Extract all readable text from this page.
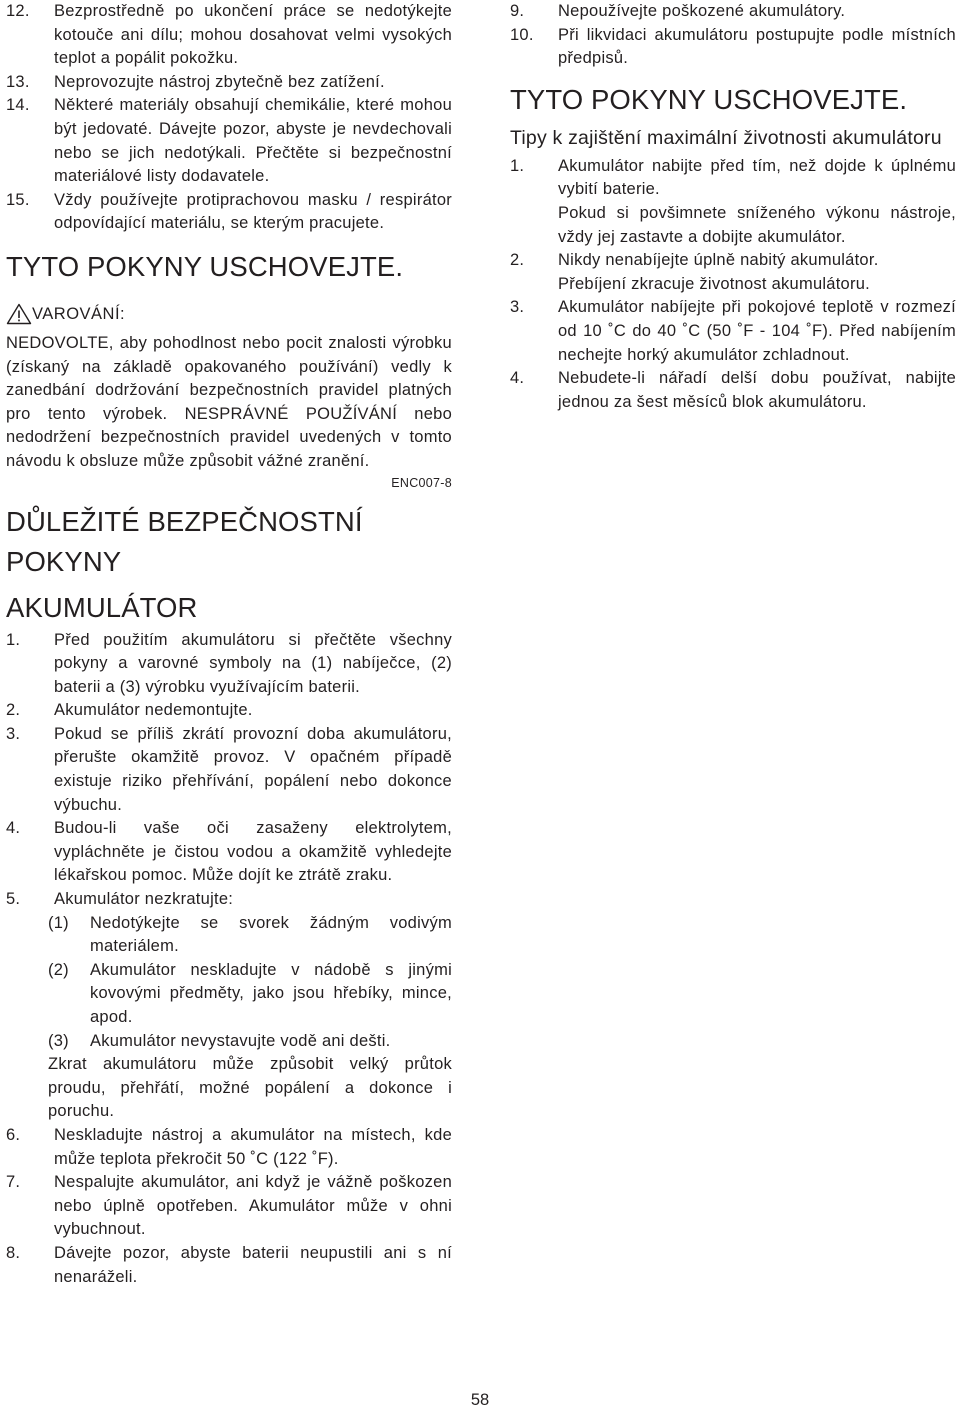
12.	Bezprostředně po ukončení práce se nedotýkejte kotouče ani dílu; mohou dosahovat velmi vysokých teplot a popálit pokožku.
13.	Neprovozujte nástroj zbytečně bez zatížení.
14.	Některé materiály obsahují chemikálie, které mohou být jedovaté. Dávejte pozor, abyste je nevdechovali nebo se jich nedotýkali. Přečtěte si bezpečnostní materiálové listy dodavatele.
15.	Vždy používejte protiprachovou masku / respirátor odpovídající materiálu, se kterým pracujete.
TYTO POKYNY USCHOVEJTE.
VAROVÁNÍ:
NEDOVOLTE, aby pohodlnost nebo pocit znalosti výrobku (získaný na základě opakovaného používání) vedly k zanedbání dodržování bezpečnostních pravidel platných pro tento výrobek. NESPRÁVNÉ POUŽÍVÁNÍ nebo nedodržení bezpečnostních pravidel uvedených v tomto návodu k obsluze může způsobit vážné zranění.
ENC007-8
DŮLEŽITÉ BEZPEČNOSTNÍ
POKYNY
AKUMULÁTOR
1.	Před použitím akumulátoru si přečtěte všechny pokyny a varovné symboly na (1) nabíječce, (2) baterii a (3) výrobku využívajícím baterii.
2.	Akumulátor nedemontujte.
3.	Pokud se příliš zkrátí provozní doba akumulátoru, přerušte okamžitě provoz. V opačném případě existuje riziko přehřívání, popálení nebo dokonce výbuchu.
4.	Budou-li vaše oči zasaženy elektrolytem, vypláchněte je čistou vodou a okamžitě vyhledejte lékařskou pomoc. Může dojít ke ztrátě zraku.
5.	Akumulátor nezkratujte:
(1)	Nedotýkejte se svorek žádným vodivým materiálem.
(2)	Akumulátor neskladujte v nádobě s jinými kovovými předměty, jako jsou hřebíky, mince, apod.
(3)	Akumulátor nevystavujte vodě ani dešti.
Zkrat akumulátoru může způsobit velký průtok proudu, přehřátí, možné popálení a dokonce i poruchu.
6.	Neskladujte nástroj a akumulátor na místech, kde může teplota překročit 50 ˚C (122 ˚F).
7.	Nespalujte akumulátor, ani když je vážně poškozen nebo úplně opotřeben. Akumulátor může v ohni vybuchnout.
8.	Dávejte pozor, abyste baterii neupustili ani s ní nenaráželi.
9.	Nepoužívejte poškozené akumulátory.
10.	Při likvidaci akumulátoru postupujte podle místních předpisů.
TYTO POKYNY USCHOVEJTE.
Tipy k zajištění maximální životnosti akumulátoru
1.	Akumulátor nabijte před tím, než dojde k úplnému vybití baterie.
Pokud si povšimnete sníženého výkonu nástroje, vždy jej zastavte a dobijte akumulátor.
2.	Nikdy nenabíjejte úplně nabitý akumulátor.
Přebíjení zkracuje životnost akumulátoru.
3.	Akumulátor nabíjejte při pokojové teplotě v rozmezí od 10 ˚C do 40 ˚C (50 ˚F - 104 ˚F). Před nabíjením nechejte horký akumulátor zchladnout.
4.	Nebudete-li nářadí delší dobu používat, nabijte jednou za šest měsíců blok akumulátoru.
58
